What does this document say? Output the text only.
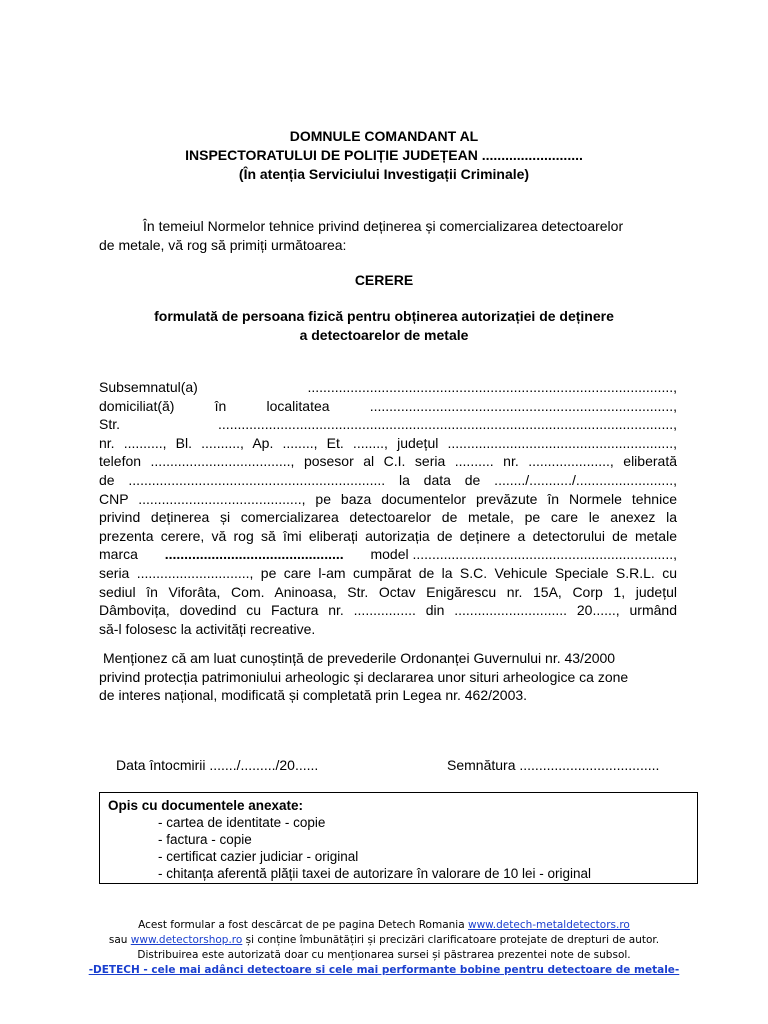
DOMNULE COMANDANT AL
INSPECTORATULUI DE POLIȚIE JUDEȚEAN ..........................
(În atenția Serviciului Investigații Criminale)
În temeiul Normelor tehnice privind deținerea și comercializarea detectoarelor
de metale, vă rog să primiți următoarea:
CERERE
formulată de persoana fizică pentru obținerea autorizației de deținere
a detectoarelor de metale
Subsemnatul(a) ..............................................................................................,
domiciliat(ă) în localitatea ..............................................................................,
Str. .....................................................................................................................,
nr. .........., Bl. .........., Ap. ........, Et. ........, județul ..........................................................,
telefon ...................................., posesor al C.I. seria .......... nr. ....................., eliberată
de .................................................................. la data de ......../.........../.........................,
CNP .........................................., pe baza documentelor prevăzute în Normele tehnice
privind deținerea și comercializarea detectoarelor de metale, pe care le anexez la
prezenta cerere, vă rog să îmi eliberați autorizația de deținere a detectorului de metale
marca .............................................. model ...................................................................,
seria ............................., pe care l-am cumpărat de la S.C. Vehicule Speciale S.R.L. cu
sediul în Viforâta, Com. Aninoasa, Str. Octav Enigărescu nr. 15A, Corp 1, județul
Dâmbovița, dovedind cu Factura nr. ................ din ............................. 20......, urmând
să-l folosesc la activități recreative.
Menționez că am luat cunoștință de prevederile Ordonanței Guvernului nr. 43/2000
privind protecția patrimoniului arheologic și declararea unor situri arheologice ca zone
de interes național, modificată și completată prin Legea nr. 462/2003.
Data întocmirii ......./........./20......	Semnătura ....................................
Opis cu documentele anexate:
- cartea de identitate - copie
- factura - copie
- certificat cazier judiciar - original
- chitanța aferentă plății taxei de autorizare în valorare de 10 lei - original
Acest formular a fost descărcat de pe pagina Detech Romania www.detech-metaldetectors.ro
sau www.detectorshop.ro și conține îmbunătățiri și precizări clarificatoare protejate de drepturi de autor.
Distribuirea este autorizată doar cu menționarea sursei și păstrarea prezentei note de subsol.
-DETECH - cele mai adânci detectoare si cele mai performante bobine pentru detectoare de metale-
